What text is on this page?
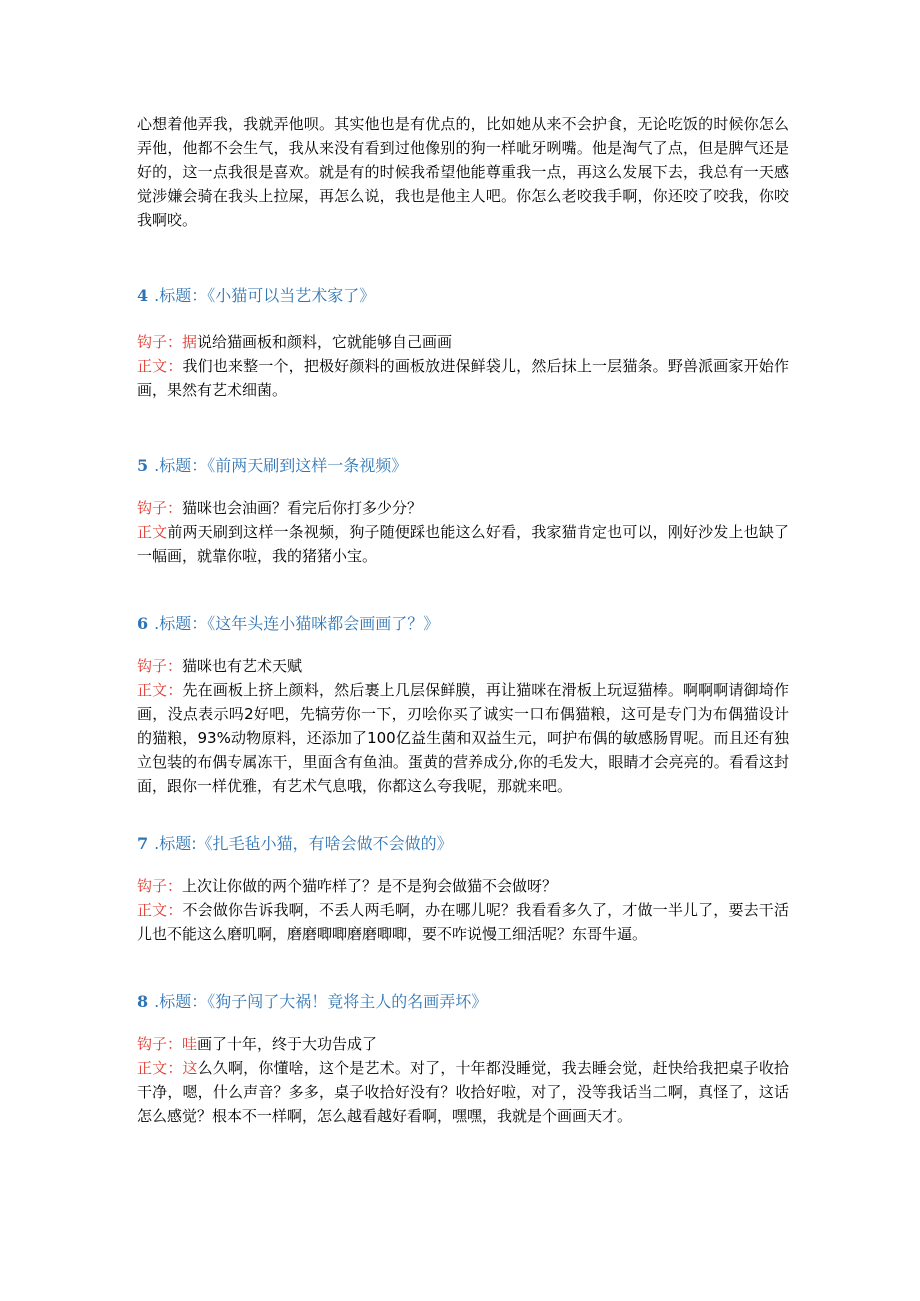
心想着他弄我，我就弄他呗。其实他也是有优点的，比如她从来不会护食，无论吃饭的时候你怎么弄他，他都不会生气，我从来没有看到过他像别的狗一样呲牙咧嘴。他是淘气了点，但是脾气还是好的，这一点我很是喜欢。就是有的时候我希望他能尊重我一点，再这么发展下去，我总有一天感觉涉嫌会骑在我头上拉屎，再怎么说，我也是他主人吧。你怎么老咬我手啊，你还咬了咬我，你咬我啊咬。

4 .标题：《小猫可以当艺术家了》

钩子：据说给猫画板和颜料，它就能够自己画画

正文：我们也来整一个，把极好颜料的画板放进保鲜袋儿，然后抹上一层猫条。野兽派画家开始作画，果然有艺术细菌。

5 .标题：《前两天刷到这样一条视频》

钩子：猫咪也会油画？看完后你打多少分？

正文前两天刷到这样一条视频，狗子随便踩也能这么好看，我家猫肯定也可以，刚好沙发上也缺了一幅画，就靠你啦，我的猪猪小宝。

6 .标题：《这年头连小猫咪都会画画了？》

钩子：猫咪也有艺术天赋

正文：先在画板上挤上颜料，然后裹上几层保鲜膜，再让猫咪在滑板上玩逗猫棒。啊啊啊请御埼作画，没点表示吗2好吧，先犒劳你一下，刃哙你买了诚实一口布偶猫粮，这可是专门为布偶猫设计的猫粮，93%动物原料，还添加了100亿益生菌和双益生元，呵护布偶的敏感肠胃呢。而且还有独立包装的布偶专属冻干，里面含有鱼油。蛋黄的营养成分,你的毛发大，眼睛才会亮亮的。看看这封面，跟你一样优雅，有艺术气息哦，你都这么夸我呢，那就来吧。

7 .标题:《扎毛毡小猫，有啥会做不会做的》

钩子：上次让你做的两个猫咋样了？是不是狗会做猫不会做呀？

正文：不会做你告诉我啊，不丢人两毛啊，办在哪儿呢？我看看多久了，才做一半儿了，要去干活儿也不能这么磨叽啊，磨磨唧唧磨磨唧唧，要不咋说慢工细活呢？东哥牛逼。

8 .标题：《狗子闯了大祸！竟将主人的名画弄坏》

钩子：哇画了十年，终于大功告成了

正文：这么久啊，你懂啥，这个是艺术。对了，十年都没睡觉，我去睡会觉，赶快给我把桌子收拾干净，嗯，什么声音？多多，桌子收拾好没有？收拾好啦，对了，没等我话当二啊，真怪了，这话怎么感觉？根本不一样啊，怎么越看越好看啊，嘿嘿，我就是个画画天才。
